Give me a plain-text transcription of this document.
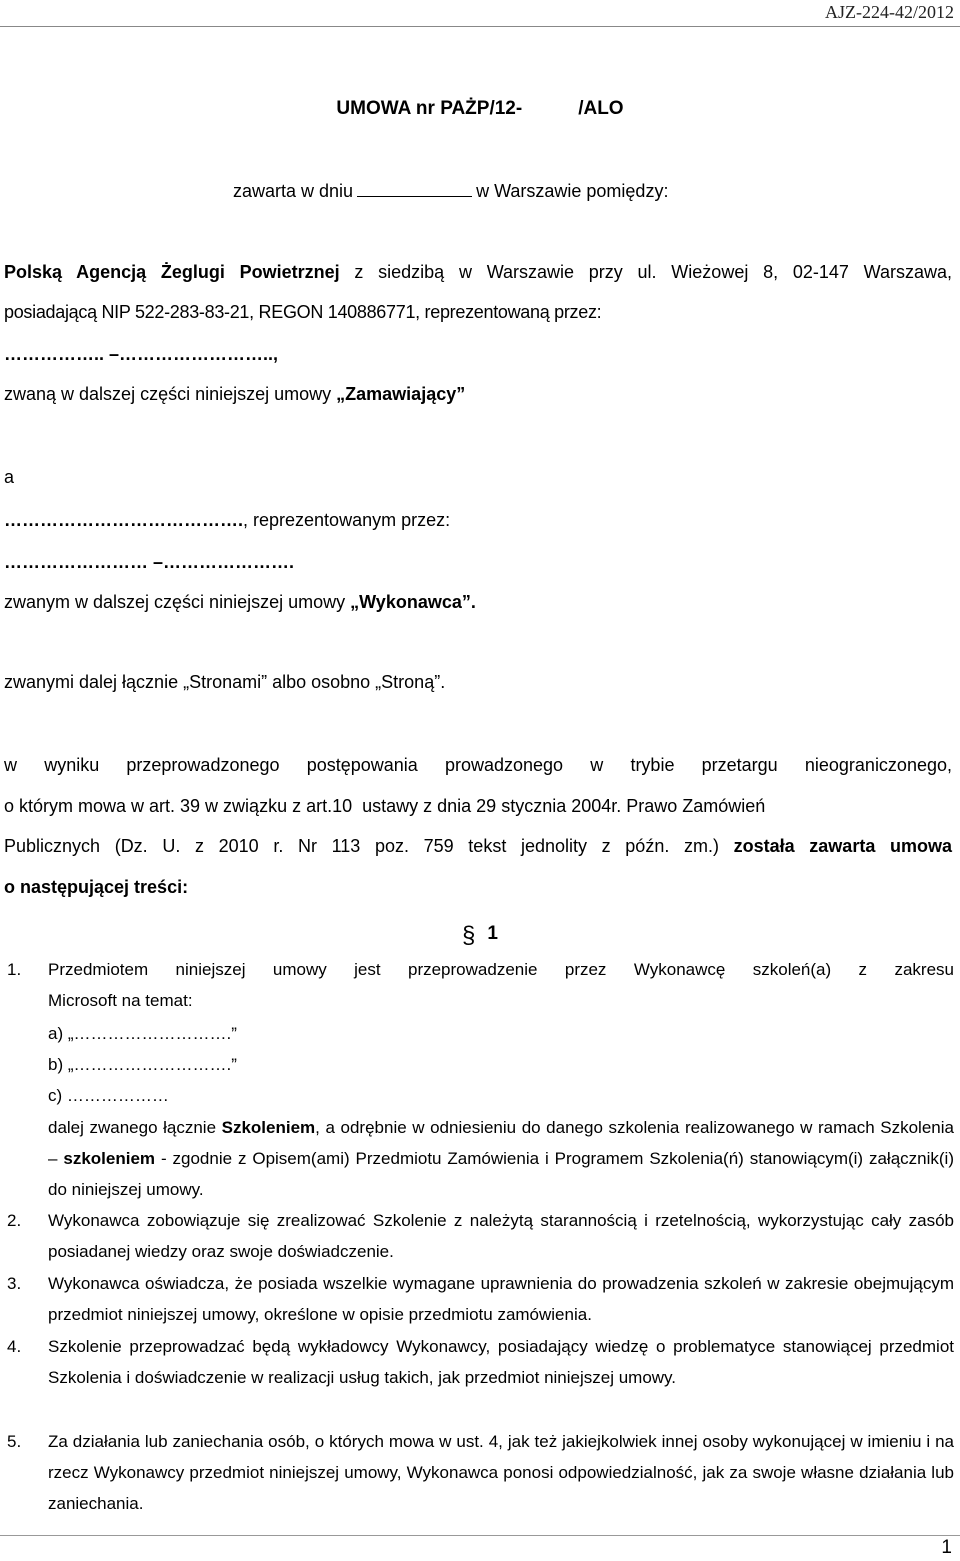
AJZ-224-42/2012
UMOWA nr PAŻP/12-	/ALO
zawarta w dniu	w Warszawie pomiędzy:
Polską Agencją Żeglugi Powietrznej z siedzibą w Warszawie przy ul. Wieżowej 8, 02-147 Warszawa,
posiadającą NIP 522-283-83-21, REGON 140886771, reprezentowaną przez:
…………….. –……………………..,
zwaną w dalszej części niniejszej umowy „Zamawiający”
a
…………………………………., reprezentowanym przez:
…………………… –………………….
zwanym w dalszej części niniejszej umowy „Wykonawca”.
zwanymi dalej łącznie „Stronami” albo osobno „Stroną”.
w wyniku przeprowadzonego postępowania prowadzonego w trybie przetargu nieograniczonego,
o którym mowa w art. 39 w związku z art.10  ustawy z dnia 29 stycznia 2004r. Prawo Zamówień
Publicznych (Dz. U. z 2010 r. Nr 113 poz. 759 tekst jednolity z późn. zm.) została zawarta umowa
o następującej treści:
§ 1
1. Przedmiotem niniejszej umowy jest przeprowadzenie przez Wykonawcę szkoleń(a) z zakresu
Microsoft na temat:
a) „……………………….”
b) „……………………….”
c) ………………
dalej zwanego łącznie Szkoleniem, a odrębnie w odniesieniu do danego szkolenia realizowanego w ramach Szkolenia – szkoleniem - zgodnie z Opisem(ami) Przedmiotu Zamówienia i Programem Szkolenia(ń) stanowiącym(i) załącznik(i) do niniejszej umowy.
2. Wykonawca zobowiązuje się zrealizować Szkolenie z należytą starannością i rzetelnością, wykorzystując cały zasób posiadanej wiedzy oraz swoje doświadczenie.
3. Wykonawca oświadcza, że posiada wszelkie wymagane uprawnienia do prowadzenia szkoleń w zakresie obejmującym przedmiot niniejszej umowy, określone w opisie przedmiotu zamówienia.
4. Szkolenie przeprowadzać będą wykładowcy Wykonawcy, posiadający wiedzę o problematyce stanowiącej przedmiot Szkolenia i doświadczenie w realizacji usług takich, jak przedmiot niniejszej umowy.
5. Za działania lub zaniechania osób, o których mowa w ust. 4, jak też jakiejkolwiek innej osoby wykonującej w imieniu i na rzecz Wykonawcy przedmiot niniejszej umowy, Wykonawca ponosi odpowiedzialność, jak za swoje własne działania lub zaniechania.
1
